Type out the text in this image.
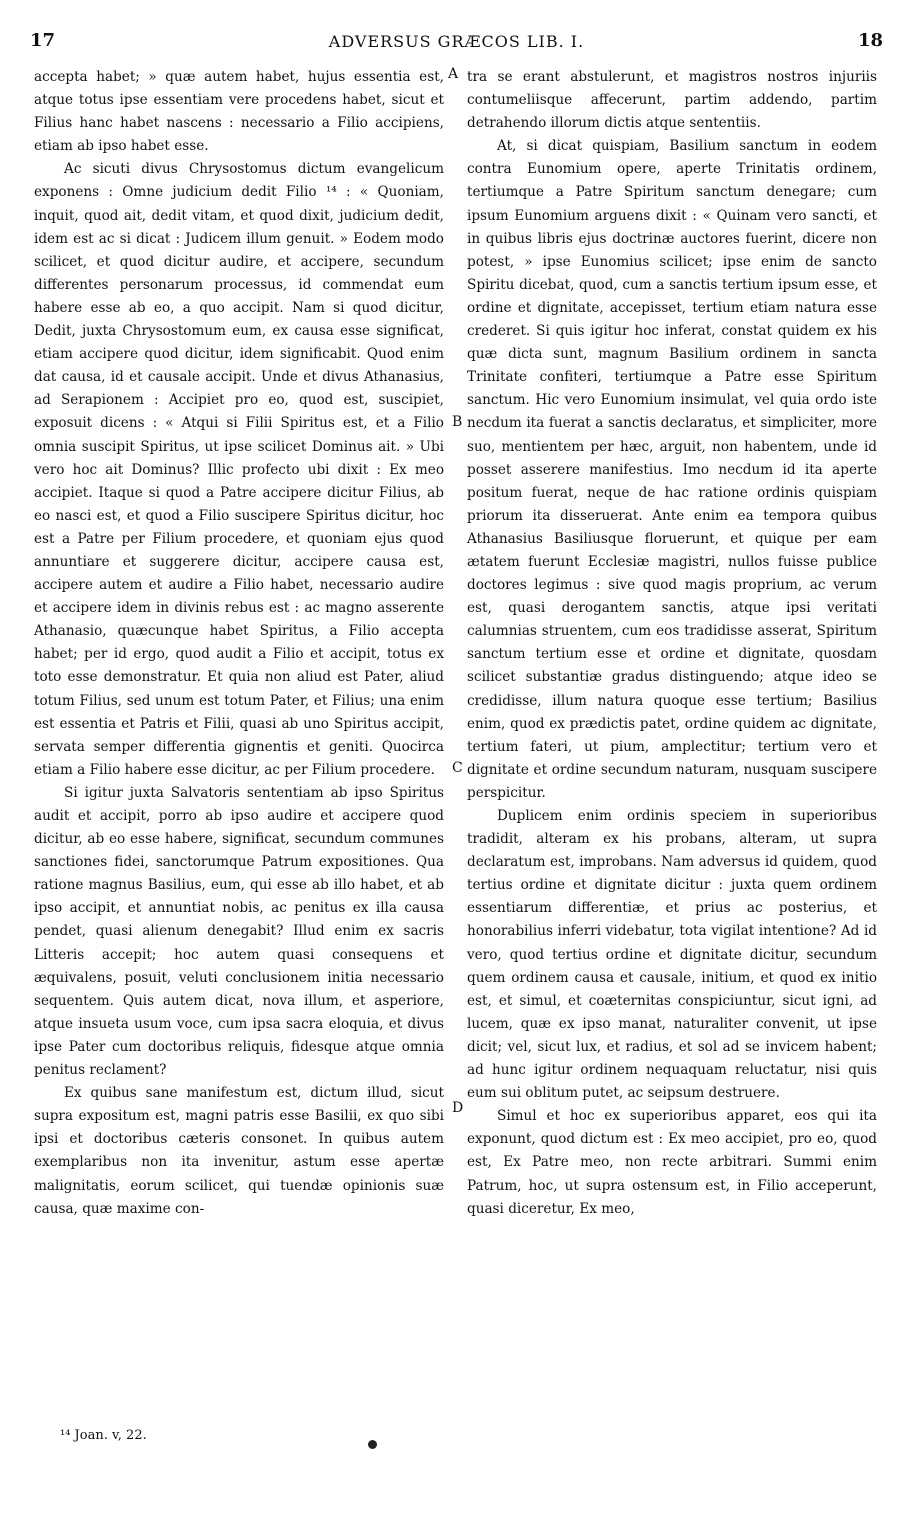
17	ADVERSUS GRÆCOS LIB. I.	18

accepta habet; » quæ autem habet, hujus essentia est, atque totus ipse essentiam vere procedens habet, sicut et Filius hanc habet nascens : necessario a Filio accipiens, etiam ab ipso habet esse.

Ac sicuti divus Chrysostomus dictum evangelicum exponens : Omne judicium dedit Filio ¹⁴ : « Quoniam, inquit, quod ait, dedit vitam, et quod dixit, judicium dedit, idem est ac si dicat : Judicem illum genuit. » Eodem modo scilicet, et quod dicitur audire, et accipere, secundum differentes personarum processus, id commendat eum habere esse ab eo, a quo accipit. Nam si quod dicitur, Dedit, juxta Chrysostomum eum, ex causa esse significat, etiam accipere quod dicitur, idem significabit. Quod enim dat causa, id et causale accipit. Unde et divus Athanasius, ad Serapionem : Accipiet pro eo, quod est, suscipiet, exposuit dicens : « Atqui si Filii Spiritus est, et a Filio omnia suscipit Spiritus, ut ipse scilicet Dominus ait. » Ubi vero hoc ait Dominus? Illic profecto ubi dixit : Ex meo accipiet. Itaque si quod a Patre accipere dicitur Filius, ab eo nasci est, et quod a Filio suscipere Spiritus dicitur, hoc est a Patre per Filium procedere, et quoniam ejus quod annuntiare et suggerere dicitur, accipere causa est, accipere autem et audire a Filio habet, necessario audire et accipere idem in divinis rebus est : ac magno asserente Athanasio, quæcunque habet Spiritus, a Filio accepta habet; per id ergo, quod audit a Filio et accipit, totus ex toto esse demonstratur. Et quia non aliud est Pater, aliud totum Filius, sed unum est totum Pater, et Filius; una enim est essentia et Patris et Filii, quasi ab uno Spiritus accipit, servata semper differentia gignentis et geniti. Quocirca etiam a Filio habere esse dicitur, ac per Filium procedere.

Si igitur juxta Salvatoris sententiam ab ipso Spiritus audit et accipit, porro ab ipso audire et accipere quod dicitur, ab eo esse habere, significat, secundum communes sanctiones fidei, sanctorumque Patrum expositiones. Qua ratione magnus Basilius, eum, qui esse ab illo habet, et ab ipso accipit, et annuntiat nobis, ac penitus ex illa causa pendet, quasi alienum denegabit? Illud enim ex sacris Litteris accepit; hoc autem quasi consequens et æquivalens, posuit, veluti conclusionem initia necessario sequentem. Quis autem dicat, nova illum, et asperiore, atque insueta usum voce, cum ipsa sacra eloquia, et divus ipse Pater cum doctoribus reliquis, fidesque atque omnia penitus reclament?

Ex quibus sane manifestum est, dictum illud, sicut supra expositum est, magni patris esse Basilii, ex quo sibi ipsi et doctoribus cæteris consonet. In quibus autem exemplaribus non ita invenitur, astum esse apertæ malignitatis, eorum scilicet, qui tuendæ opinionis suæ causa, quæ maxime con-

tra se erant abstulerunt, et magistros nostros injuriis contumeliisque affecerunt, partim addendo, partim detrahendo illorum dictis atque sententiis.

At, si dicat quispiam, Basilium sanctum in eodem contra Eunomium opere, aperte Trinitatis ordinem, tertiumque a Patre Spiritum sanctum denegare; cum ipsum Eunomium arguens dixit : « Quinam vero sancti, et in quibus libris ejus doctrinæ auctores fuerint, dicere non potest, » ipse Eunomius scilicet; ipse enim de sancto Spiritu dicebat, quod, cum a sanctis tertium ipsum esse, et ordine et dignitate, accepisset, tertium etiam natura esse crederet. Si quis igitur hoc inferat, constat quidem ex his quæ dicta sunt, magnum Basilium ordinem in sancta Trinitate confiteri, tertiumque a Patre esse Spiritum sanctum. Hic vero Eunomium insimulat, vel quia ordo iste necdum ita fuerat a sanctis declaratus, et simpliciter, more suo, mentientem per hæc, arguit, non habentem, unde id posset asserere manifestius. Imo necdum id ita aperte positum fuerat, neque de hac ratione ordinis quispiam priorum ita disseruerat. Ante enim ea tempora quibus Athanasius Basiliusque floruerunt, et quique per eam ætatem fuerunt Ecclesiæ magistri, nullos fuisse publice doctores legimus : sive quod magis proprium, ac verum est, quasi derogantem sanctis, atque ipsi veritati calumnias struentem, cum eos tradidisse asserat, Spiritum sanctum tertium esse et ordine et dignitate, quosdam scilicet substantiæ gradus distinguendo; atque ideo se credidisse, illum natura quoque esse tertium; Basilius enim, quod ex prædictis patet, ordine quidem ac dignitate, tertium fateri, ut pium, amplectitur; tertium vero et dignitate et ordine secundum naturam, nusquam suscipere perspicitur.

Duplicem enim ordinis speciem in superioribus tradidit, alteram ex his probans, alteram, ut supra declaratum est, improbans. Nam adversus id quidem, quod tertius ordine et dignitate dicitur : juxta quem ordinem essentiarum differentiæ, et prius ac posterius, et honorabilius inferri videbatur, tota vigilat intentione? Ad id vero, quod tertius ordine et dignitate dicitur, secundum quem ordinem causa et causale, initium, et quod ex initio est, et simul, et coæternitas conspiciuntur, sicut igni, ad lucem, quæ ex ipso manat, naturaliter convenit, ut ipse dicit; vel, sicut lux, et radius, et sol ad se invicem habent; ad hunc igitur ordinem nequaquam reluctatur, nisi quis eum sui oblitum putet, ac seipsum destruere.

Simul et hoc ex superioribus apparet, eos qui ita exponunt, quod dictum est : Ex meo accipiet, pro eo, quod est, Ex Patre meo, non recte arbitrari. Summi enim Patrum, hoc, ut supra ostensum est, in Filio acceperunt, quasi diceretur, Ex meo,

A
B
C
D
¹⁴ Joan. v, 22.
